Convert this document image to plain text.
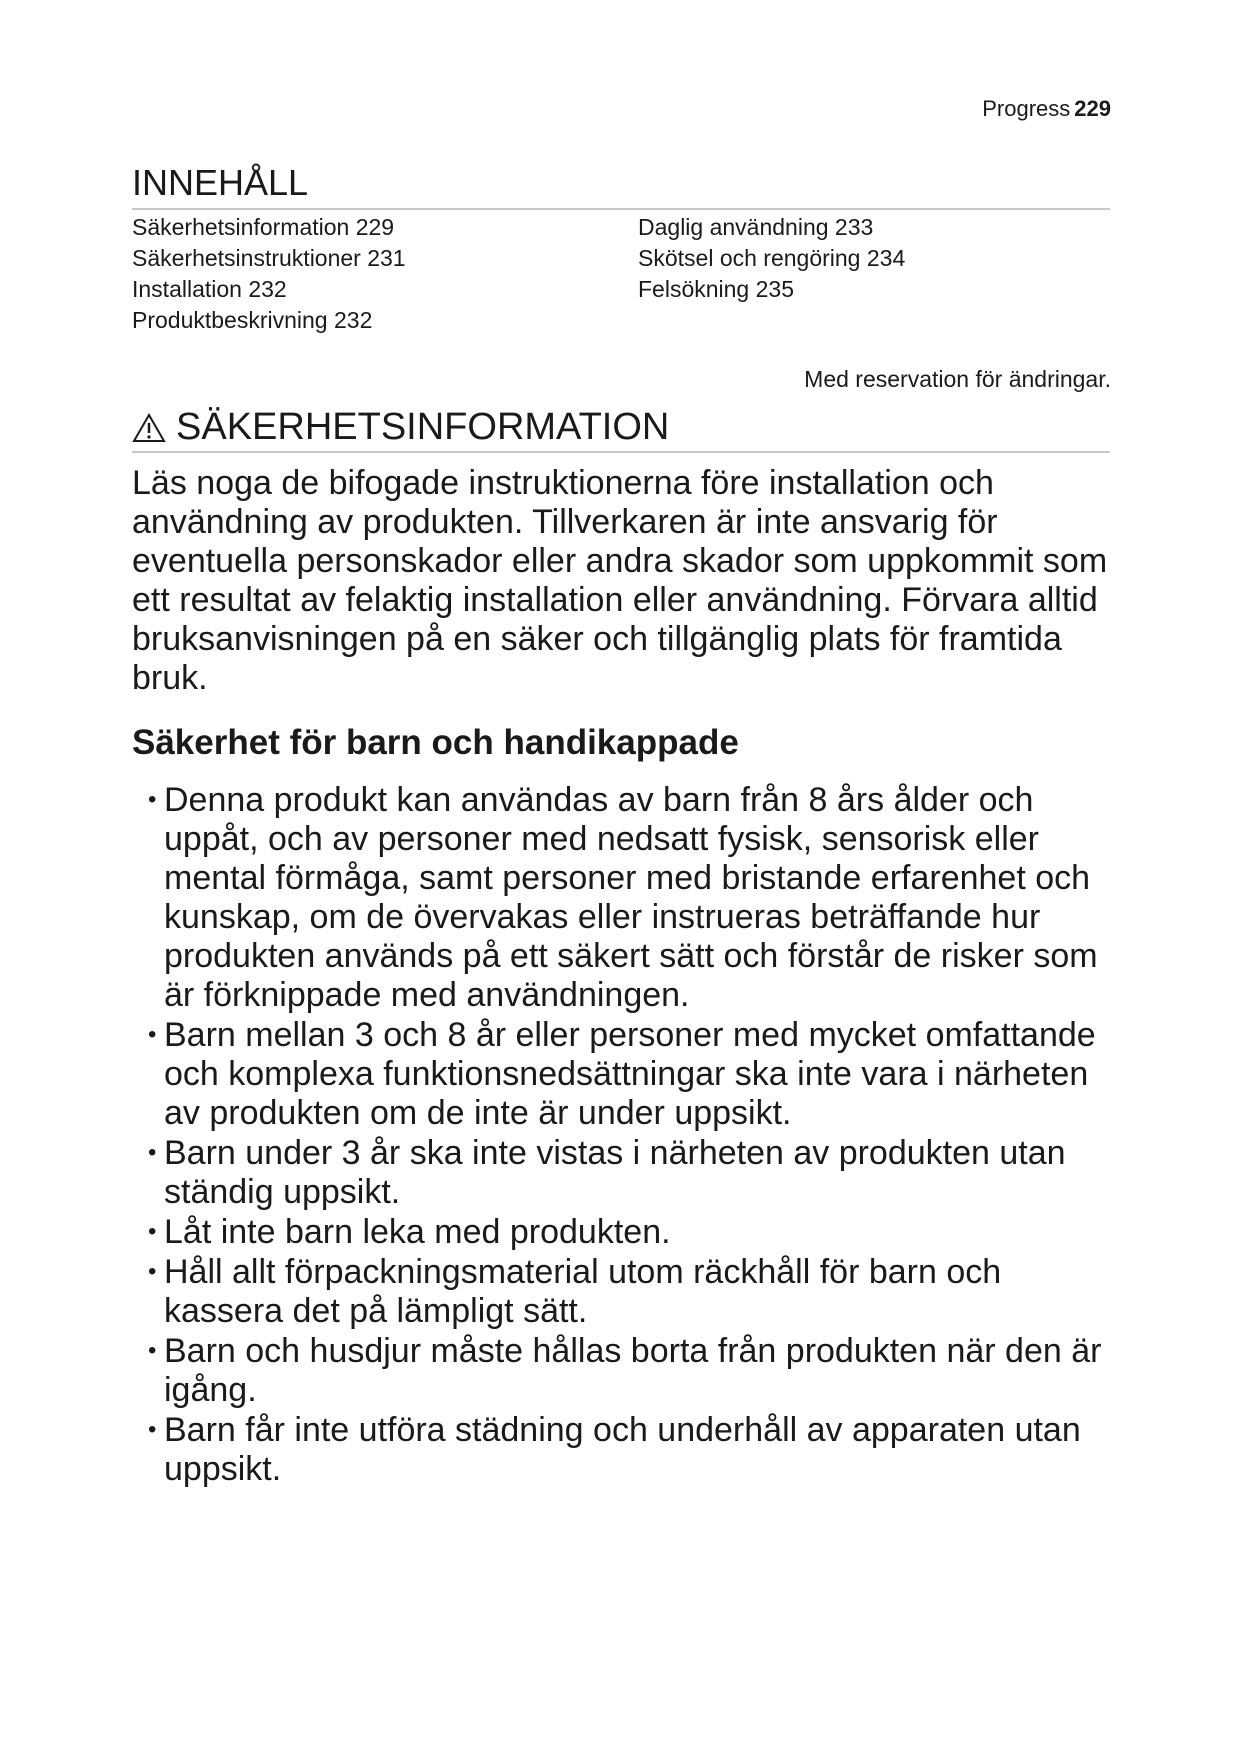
Progress 229
INNEHÅLL
Säkerhetsinformation 229
Säkerhetsinstruktioner 231
Installation 232
Produktbeskrivning 232
Daglig användning 233
Skötsel och rengöring 234
Felsökning 235
Med reservation för ändringar.
SÄKERHETSINFORMATION

Läs noga de bifogade instruktionerna före installation och användning av produkten. Tillverkaren är inte ansvarig för eventuella personskador eller andra skador som uppkommit som ett resultat av felaktig installation eller användning. Förvara alltid bruksanvisningen på en säker och tillgänglig plats för framtida bruk.

Säkerhet för barn och handikappade
• Denna produkt kan användas av barn från 8 års ålder och uppåt, och av personer med nedsatt fysisk, sensorisk eller mental förmåga, samt personer med bristande erfarenhet och kunskap, om de övervakas eller instrueras beträffande hur produkten används på ett säkert sätt och förstår de risker som är förknippade med användningen.
• Barn mellan 3 och 8 år eller personer med mycket omfattande och komplexa funktionsnedsättningar ska inte vara i närheten av produkten om de inte är under uppsikt.
• Barn under 3 år ska inte vistas i närheten av produkten utan ständig uppsikt.
• Låt inte barn leka med produkten.
• Håll allt förpackningsmaterial utom räckhåll för barn och kassera det på lämpligt sätt.
• Barn och husdjur måste hållas borta från produkten när den är igång.
• Barn får inte utföra städning och underhåll av apparaten utan uppsikt.
